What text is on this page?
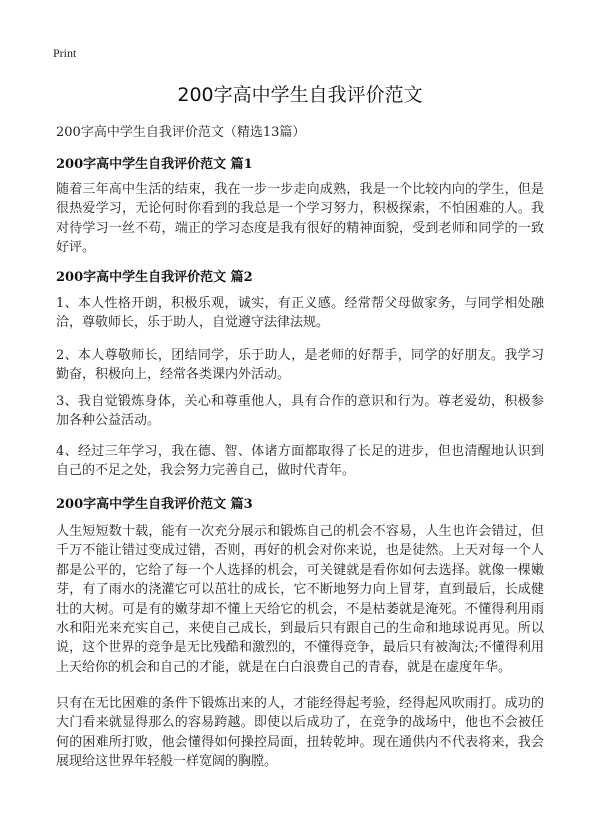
Print
200字高中学生自我评价范文
200字高中学生自我评价范文（精选13篇）
200字高中学生自我评价范文 篇1
随着三年高中生活的结束，我在一步一步走向成熟，我是一个比较内向的学生，但是很热爱学习，无论何时你看到的我总是一个学习努力，积极探索，不怕困难的人。我对待学习一丝不苟，端正的学习态度是我有很好的精神面貌，受到老师和同学的一致好评。
200字高中学生自我评价范文 篇2
1、本人性格开朗，积极乐观，诚实，有正义感。经常帮父母做家务，与同学相处融洽，尊敬师长，乐于助人，自觉遵守法律法规。
2、本人尊敬师长，团结同学，乐于助人，是老师的好帮手，同学的好朋友。我学习勤奋，积极向上，经常各类课内外活动。
3、我自觉锻炼身体，关心和尊重他人，具有合作的意识和行为。尊老爱幼，积极参加各种公益活动。
4、经过三年学习，我在德、智、体诸方面都取得了长足的进步，但也清醒地认识到自己的不足之处，我会努力完善自己，做时代青年。
200字高中学生自我评价范文 篇3
人生短短数十载，能有一次充分展示和锻炼自己的机会不容易，人生也许会错过，但千万不能让错过变成过错，否则，再好的机会对你来说，也是徒然。上天对每一个人都是公平的，它给了每一个人选择的机会，可关键就是看你如何去选择。就像一棵嫩芽，有了雨水的浇灌它可以茁壮的成长，它不断地努力向上冒芽，直到最后，长成健壮的大树。可是有的嫩芽却不懂上天给它的机会，不是枯萎就是淹死。不懂得利用雨水和阳光来充实自己，来使自己成长，到最后只有跟自己的生命和地球说再见。所以说，这个世界的竞争是无比残酷和激烈的，不懂得竞争，最后只有被淘汰;不懂得利用上天给你的机会和自己的才能，就是在白白浪费自己的青春，就是在虚度年华。
只有在无比困难的条件下锻炼出来的人，才能经得起考验，经得起风吹雨打。成功的大门看来就显得那么的容易跨越。即使以后成功了，在竞争的战场中，他也不会被任何的困难所打败，他会懂得如何操控局面，扭转乾坤。现在通供内不代表将来，我会展现给这世界年轻般一样宽阔的胸膛。
